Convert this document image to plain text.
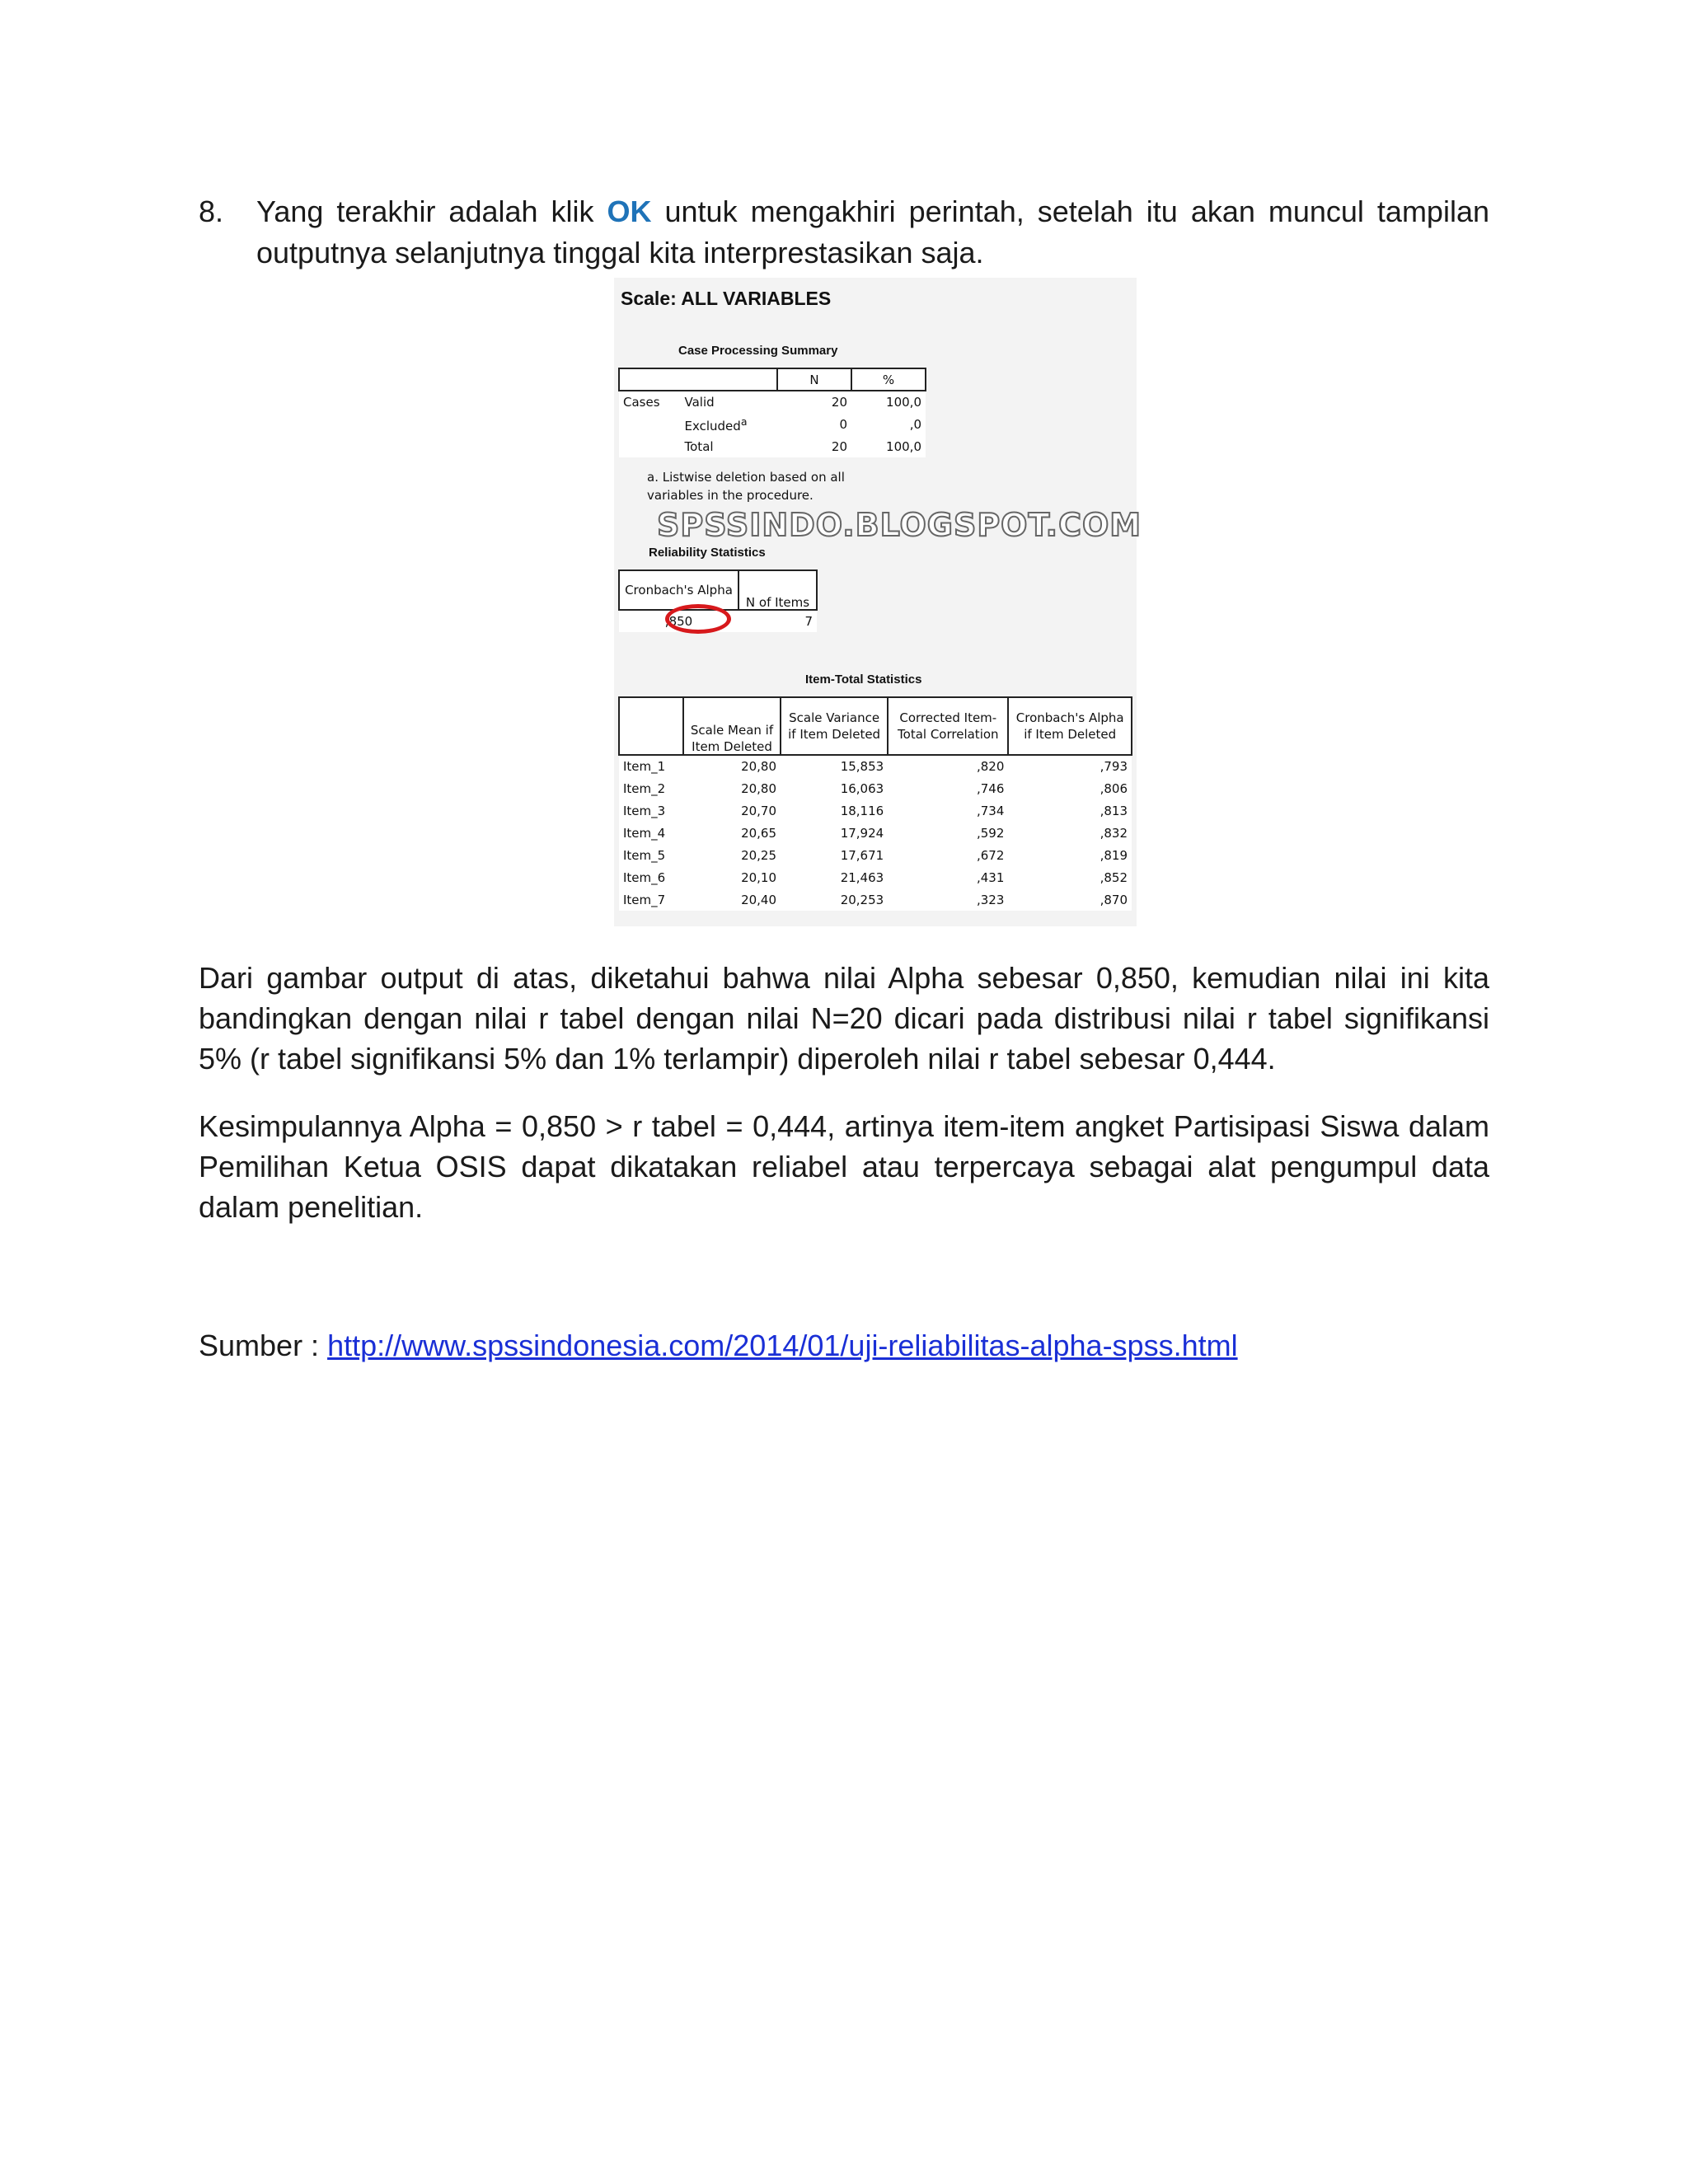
8. Yang terakhir adalah klik OK untuk mengakhiri perintah, setelah itu akan muncul tampilan outputnya selanjutnya tinggal kita interprestasikan saja.
Scale: ALL VARIABLES
Case Processing Summary
		N	%
Cases	Valid	20	100,0
	Excluded$^a$	0	,0
	Total	20	100,0
a. Listwise deletion based on all variables in the procedure.
SPSSINDO.BLOGSPOT.COM
Reliability Statistics
Cronbach's Alpha	N of Items
,850	7
Item-Total Statistics
	Scale Mean if Item Deleted	Scale Variance if Item Deleted	Corrected Item-Total Correlation	Cronbach's Alpha if Item Deleted
Item_1	20,80	15,853	,820	,793
Item_2	20,80	16,063	,746	,806
Item_3	20,70	18,116	,734	,813
Item_4	20,65	17,924	,592	,832
Item_5	20,25	17,671	,672	,819
Item_6	20,10	21,463	,431	,852
Item_7	20,40	20,253	,323	,870

Dari gambar output di atas, diketahui bahwa nilai Alpha sebesar 0,850, kemudian nilai ini kita bandingkan dengan nilai r tabel dengan nilai N=20 dicari pada distribusi nilai r tabel signifikansi 5% (r tabel signifikansi 5% dan 1% terlampir) diperoleh nilai r tabel sebesar 0,444.

Kesimpulannya Alpha = 0,850 > r tabel = 0,444, artinya item-item angket Partisipasi Siswa dalam Pemilihan Ketua OSIS dapat dikatakan reliabel atau terpercaya sebagai alat pengumpul data dalam penelitian.

Sumber : http://www.spssindonesia.com/2014/01/uji-reliabilitas-alpha-spss.html
